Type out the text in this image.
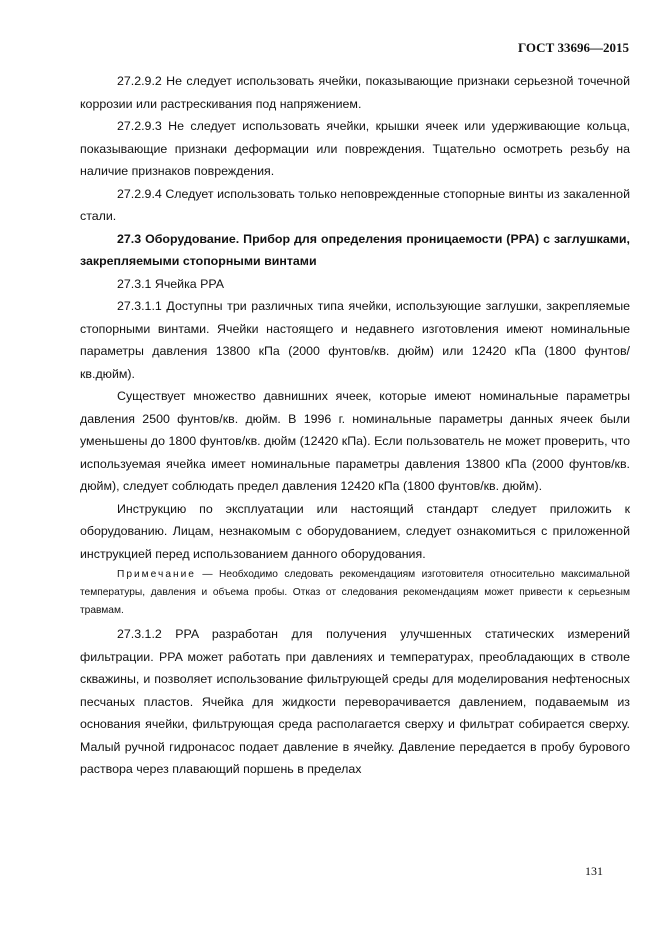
ГОСТ 33696—2015

27.2.9.2 Не следует использовать ячейки, показывающие признаки серьезной точечной коррозии или растрескивания под напряжением.

27.2.9.3 Не следует использовать ячейки, крышки ячеек или удерживающие кольца, показывающие признаки деформации или повреждения. Тщательно осмотреть резьбу на наличие признаков повреждения.

27.2.9.4 Следует использовать только неповрежденные стопорные винты из закаленной стали.

27.3 Оборудование. Прибор для определения проницаемости (PPA) с заглушками, закрепляемыми стопорными винтами

27.3.1 Ячейка PPA

27.3.1.1 Доступны три различных типа ячейки, использующие заглушки, закрепляемые стопорными винтами. Ячейки настоящего и недавнего изготовления имеют номинальные параметры давления 13800 кПа (2000 фунтов/кв. дюйм) или 12420 кПа (1800 фунтов/кв.дюйм).

Существует множество давнишних ячеек, которые имеют номинальные параметры давления 2500 фунтов/кв. дюйм. В 1996 г. номинальные параметры данных ячеек были уменьшены до 1800 фунтов/кв. дюйм (12420 кПа). Если пользователь не может проверить, что используемая ячейка имеет номинальные параметры давления 13800 кПа (2000 фунтов/кв. дюйм), следует соблюдать предел давления 12420 кПа (1800 фунтов/кв. дюйм).

Инструкцию по эксплуатации или настоящий стандарт следует приложить к оборудованию. Лицам, незнакомым с оборудованием, следует ознакомиться с приложенной инструкцией перед использованием данного оборудования.

Примечание — Необходимо следовать рекомендациям изготовителя относительно максимальной температуры, давления и объема пробы. Отказ от следования рекомендациям может привести к серьезным травмам.

27.3.1.2 PPA разработан для получения улучшенных статических измерений фильтрации. PPA может работать при давлениях и температурах, преобладающих в стволе скважины, и позволяет использование фильтрующей среды для моделирования нефтеносных песчаных пластов. Ячейка для жидкости переворачивается давлением, подаваемым из основания ячейки, фильтрующая среда располагается сверху и фильтрат собирается сверху. Малый ручной гидронасос подает давление в ячейку. Давление передается в пробу бурового раствора через плавающий поршень в пределах

131
